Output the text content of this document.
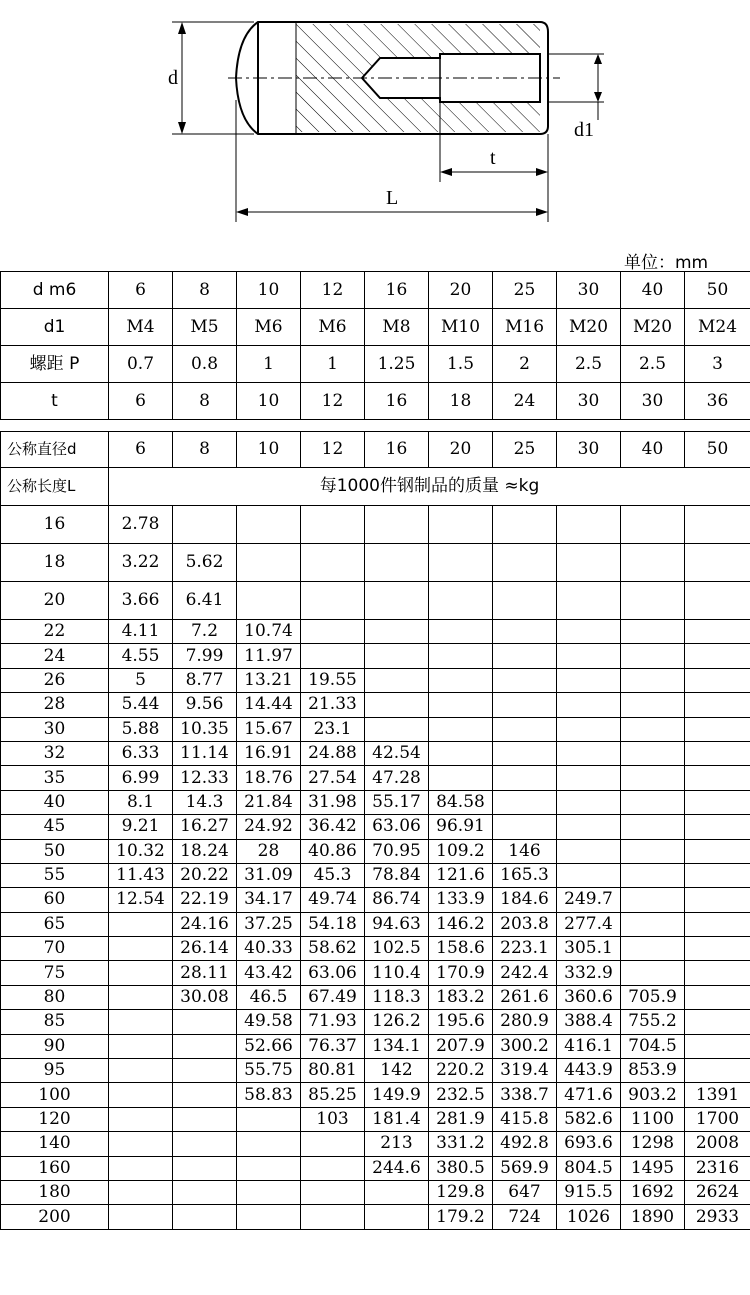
d
d1
t
L
单位：mm
d m6	6	8	10	12	16	20	25	30	40	50
d1	M4	M5	M6	M6	M8	M10	M16	M20	M20	M24
螺距 P	0.7	0.8	1	1	1.25	1.5	2	2.5	2.5	3
t	6	8	10	12	16	18	24	30	30	36
公称直径d	6	8	10	12	16	20	25	30	40	50
公称长度L	每1000件钢制品的质量 ≈kg									
16	2.78									
18	3.22	5.62								
20	3.66	6.41								
22	4.11	7.2	10.74							
24	4.55	7.99	11.97							
26	5	8.77	13.21	19.55						
28	5.44	9.56	14.44	21.33						
30	5.88	10.35	15.67	23.1						
32	6.33	11.14	16.91	24.88	42.54					
35	6.99	12.33	18.76	27.54	47.28					
40	8.1	14.3	21.84	31.98	55.17	84.58				
45	9.21	16.27	24.92	36.42	63.06	96.91				
50	10.32	18.24	28	40.86	70.95	109.2	146			
55	11.43	20.22	31.09	45.3	78.84	121.6	165.3			
60	12.54	22.19	34.17	49.74	86.74	133.9	184.6	249.7		
65		24.16	37.25	54.18	94.63	146.2	203.8	277.4		
70		26.14	40.33	58.62	102.5	158.6	223.1	305.1		
75		28.11	43.42	63.06	110.4	170.9	242.4	332.9		
80		30.08	46.5	67.49	118.3	183.2	261.6	360.6	705.9	
85			49.58	71.93	126.2	195.6	280.9	388.4	755.2	
90			52.66	76.37	134.1	207.9	300.2	416.1	704.5	
95			55.75	80.81	142	220.2	319.4	443.9	853.9	
100			58.83	85.25	149.9	232.5	338.7	471.6	903.2	1391
120				103	181.4	281.9	415.8	582.6	1100	1700
140					213	331.2	492.8	693.6	1298	2008
160					244.6	380.5	569.9	804.5	1495	2316
180						129.8	647	915.5	1692	2624
200						179.2	724	1026	1890	2933
